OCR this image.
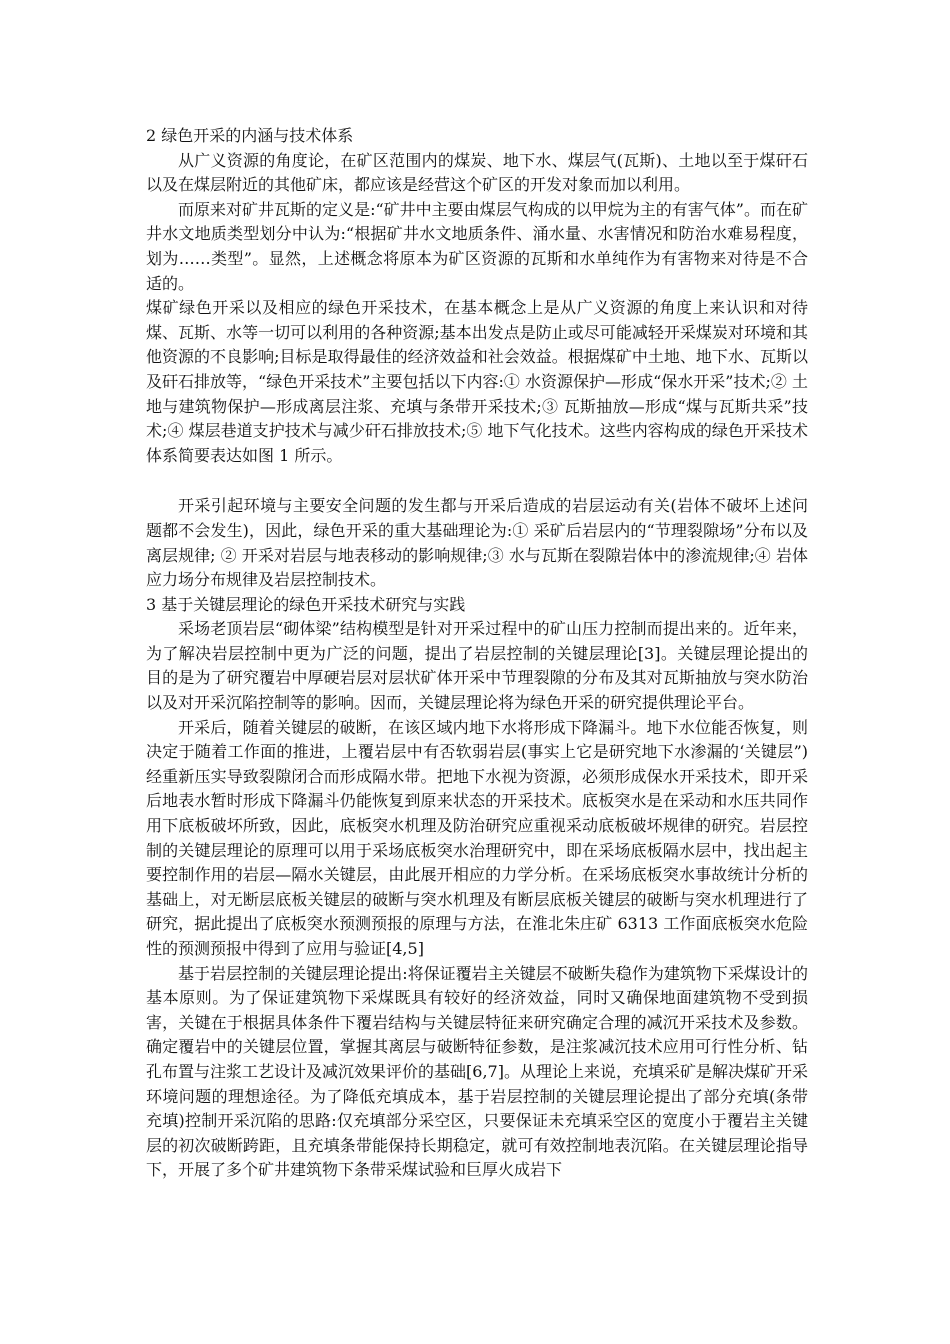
2 绿色开采的内涵与技术体系

从广义资源的角度论，在矿区范围内的煤炭、地下水、煤层气(瓦斯)、土地以至于煤矸石以及在煤层附近的其他矿床，都应该是经营这个矿区的开发对象而加以利用。

而原来对矿井瓦斯的定义是:“矿井中主要由煤层气构成的以甲烷为主的有害气体”。而在矿井水文地质类型划分中认为:“根据矿井水文地质条件、涌水量、水害情况和防治水难易程度，划为……类型”。显然，上述概念将原本为矿区资源的瓦斯和水单纯作为有害物来对待是不合适的。

煤矿绿色开采以及相应的绿色开采技术，在基本概念上是从广义资源的角度上来认识和对待煤、瓦斯、水等一切可以利用的各种资源;基本出发点是防止或尽可能减轻开采煤炭对环境和其他资源的不良影响;目标是取得最佳的经济效益和社会效益。根据煤矿中土地、地下水、瓦斯以及矸石排放等，“绿色开采技术”主要包括以下内容:① 水资源保护—形成“保水开采”技术;② 土地与建筑物保护—形成离层注浆、充填与条带开采技术;③ 瓦斯抽放—形成“煤与瓦斯共采”技术;④ 煤层巷道支护技术与减少矸石排放技术;⑤ 地下气化技术。这些内容构成的绿色开采技术体系简要表达如图 1 所示。

开采引起环境与主要安全问题的发生都与开采后造成的岩层运动有关(岩体不破坏上述问题都不会发生)，因此，绿色开采的重大基础理论为:① 采矿后岩层内的“节理裂隙场”分布以及离层规律; ② 开采对岩层与地表移动的影响规律;③ 水与瓦斯在裂隙岩体中的渗流规律;④ 岩体应力场分布规律及岩层控制技术。

3 基于关键层理论的绿色开采技术研究与实践

采场老顶岩层“砌体梁”结构模型是针对开采过程中的矿山压力控制而提出来的。近年来，为了解决岩层控制中更为广泛的问题，提出了岩层控制的关键层理论[3]。关键层理论提出的目的是为了研究覆岩中厚硬岩层对层状矿体开采中节理裂隙的分布及其对瓦斯抽放与突水防治以及对开采沉陷控制等的影响。因而，关键层理论将为绿色开采的研究提供理论平台。

开采后，随着关键层的破断，在该区域内地下水将形成下降漏斗。地下水位能否恢复，则决定于随着工作面的推进，上覆岩层中有否软弱岩层(事实上它是研究地下水渗漏的‘关键层”)经重新压实导致裂隙闭合而形成隔水带。把地下水视为资源，必须形成保水开采技术，即开采后地表水暂时形成下降漏斗仍能恢复到原来状态的开采技术。底板突水是在采动和水压共同作用下底板破坏所致，因此，底板突水机理及防治研究应重视采动底板破坏规律的研究。岩层控制的关键层理论的原理可以用于采场底板突水治理研究中，即在采场底板隔水层中，找出起主要控制作用的岩层—隔水关键层，由此展开相应的力学分析。在采场底板突水事故统计分析的基础上，对无断层底板关键层的破断与突水机理及有断层底板关键层的破断与突水机理进行了研究，据此提出了底板突水预测预报的原理与方法，在淮北朱庄矿 6313 工作面底板突水危险性的预测预报中得到了应用与验证[4,5]

基于岩层控制的关键层理论提出:将保证覆岩主关键层不破断失稳作为建筑物下采煤设计的基本原则。为了保证建筑物下采煤既具有较好的经济效益，同时又确保地面建筑物不受到损害，关键在于根据具体条件下覆岩结构与关键层特征来研究确定合理的减沉开采技术及参数。确定覆岩中的关键层位置，掌握其离层与破断特征参数，是注浆减沉技术应用可行性分析、钻孔布置与注浆工艺设计及减沉效果评价的基础[6,7]。从理论上来说，充填采矿是解决煤矿开采环境问题的理想途径。为了降低充填成本，基于岩层控制的关键层理论提出了部分充填(条带充填)控制开采沉陷的思路:仅充填部分采空区，只要保证未充填采空区的宽度小于覆岩主关键层的初次破断跨距，且充填条带能保持长期稳定，就可有效控制地表沉陷。在关键层理论指导下，开展了多个矿井建筑物下条带采煤试验和巨厚火成岩下
